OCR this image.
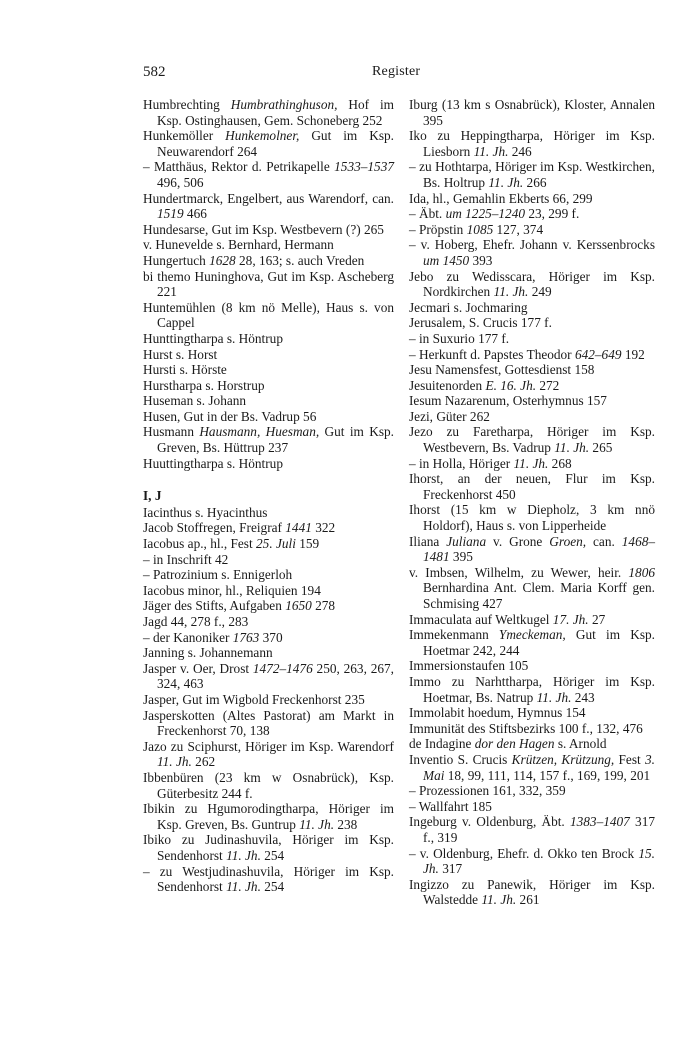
582	Register
Humbrechting Humbrathinghuson, Hof im Ksp. Ostinghausen, Gem. Schoneberg 252
Hunkemöller Hunkemolner, Gut im Ksp. Neuwarendorf 264
– Matthäus, Rektor d. Petrikapelle 1533–1537 496, 506
Hundertmarck, Engelbert, aus Warendorf, can. 1519 466
Hundesarse, Gut im Ksp. Westbevern (?) 265
v. Hunevelde s. Bernhard, Hermann
Hungertuch 1628 28, 163; s. auch Vreden
bi themo Huninghova, Gut im Ksp. Ascheberg 221
Huntemühlen (8 km nö Melle), Haus s. von Cappel
Hunttingtharpa s. Höntrup
Hurst s. Horst
Hursti s. Hörste
Hurstharpa s. Horstrup
Huseman s. Johann
Husen, Gut in der Bs. Vadrup 56
Husmann Hausmann, Huesman, Gut im Ksp. Greven, Bs. Hüttrup 237
Huuttingtharpa s. Höntrup
I, J
Iacinthus s. Hyacinthus
Jacob Stoffregen, Freigraf 1441 322
Iacobus ap., hl., Fest 25. Juli 159
– in Inschrift 42
– Patrozinium s. Ennigerloh
Iacobus minor, hl., Reliquien 194
Jäger des Stifts, Aufgaben 1650 278
Jagd 44, 278 f., 283
– der Kanoniker 1763 370
Janning s. Johannemann
Jasper v. Oer, Drost 1472–1476 250, 263, 267, 324, 463
Jasper, Gut im Wigbold Freckenhorst 235
Jasperskotten (Altes Pastorat) am Markt in Freckenhorst 70, 138
Jazo zu Sciphurst, Höriger im Ksp. Warendorf 11. Jh. 262
Ibbenbüren (23 km w Osnabrück), Ksp. Güterbesitz 244 f.
Ibikin zu Hgumorodingtharpa, Höriger im Ksp. Greven, Bs. Guntrup 11. Jh. 238
Ibiko zu Judinashuvila, Höriger im Ksp. Sendenhorst 11. Jh. 254
– zu Westjudinashuvila, Höriger im Ksp. Sendenhorst 11. Jh. 254
Iburg (13 km s Osnabrück), Kloster, Annalen 395
Iko zu Heppingtharpa, Höriger im Ksp. Liesborn 11. Jh. 246
– zu Hothtarpa, Höriger im Ksp. Westkirchen, Bs. Holtrup 11. Jh. 266
Ida, hl., Gemahlin Ekberts 66, 299
– Äbt. um 1225–1240 23, 299 f.
– Pröpstin 1085 127, 374
– v. Hoberg, Ehefr. Johann v. Kerssenbrocks um 1450 393
Jebo zu Wedisscara, Höriger im Ksp. Nordkirchen 11. Jh. 249
Jecmari s. Jochmaring
Jerusalem, S. Crucis 177 f.
– in Suxurio 177 f.
– Herkunft d. Papstes Theodor 642–649 192
Jesu Namensfest, Gottesdienst 158
Jesuitenorden E. 16. Jh. 272
Iesum Nazarenum, Osterhymnus 157
Jezi, Güter 262
Jezo zu Faretharpa, Höriger im Ksp. Westbevern, Bs. Vadrup 11. Jh. 265
– in Holla, Höriger 11. Jh. 268
Ihorst, an der neuen, Flur im Ksp. Freckenhorst 450
Ihorst (15 km w Diepholz, 3 km nnö Holdorf), Haus s. von Lipperheide
Iliana Juliana v. Grone Groen, can. 1468–1481 395
v. Imbsen, Wilhelm, zu Wewer, heir. 1806 Bernhardina Ant. Clem. Maria Korff gen. Schmising 427
Immaculata auf Weltkugel 17. Jh. 27
Immekenmann Ymeckeman, Gut im Ksp. Hoetmar 242, 244
Immersionstaufen 105
Immo zu Narhttharpa, Höriger im Ksp. Hoetmar, Bs. Natrup 11. Jh. 243
Immolabit hoedum, Hymnus 154
Immunität des Stiftsbezirks 100 f., 132, 476
de Indagine dor den Hagen s. Arnold
Inventio S. Crucis Krützen, Krützung, Fest 3. Mai 18, 99, 111, 114, 157 f., 169, 199, 201
– Prozessionen 161, 332, 359
– Wallfahrt 185
Ingeburg v. Oldenburg, Äbt. 1383–1407 317 f., 319
– v. Oldenburg, Ehefr. d. Okko ten Brock 15. Jh. 317
Ingizzo zu Panewik, Höriger im Ksp. Walstedde 11. Jh. 261
